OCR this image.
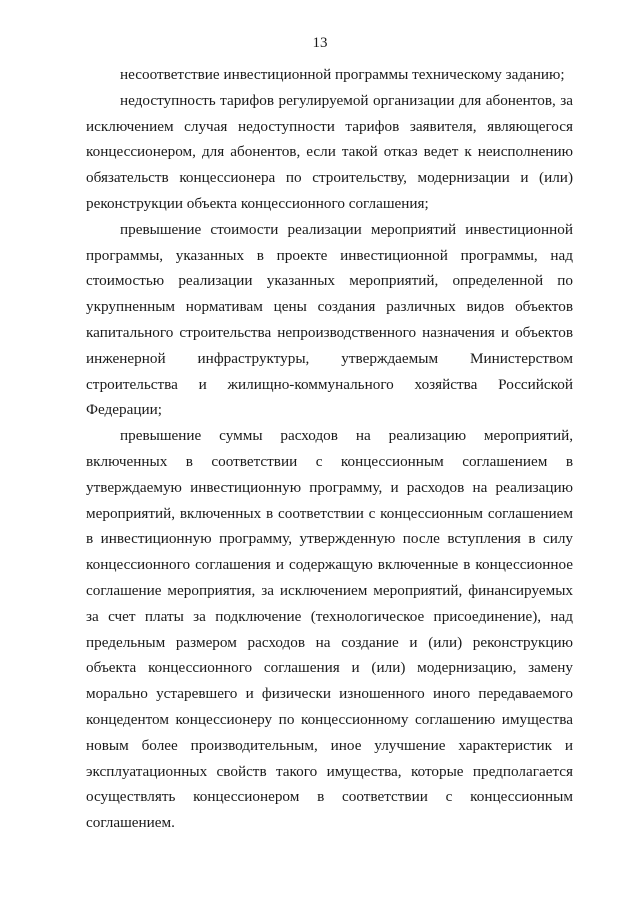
13

несоответствие инвестиционной программы техническому заданию;

недоступность тарифов регулируемой организации для абонентов, за исключением случая недоступности тарифов заявителя, являющегося концессионером, для абонентов, если такой отказ ведет к неисполнению обязательств концессионера по строительству, модернизации и (или) реконструкции объекта концессионного соглашения;

превышение стоимости реализации мероприятий инвестиционной программы, указанных в проекте инвестиционной программы, над стоимостью реализации указанных мероприятий, определенной по укрупненным нормативам цены создания различных видов объектов капитального строительства непроизводственного назначения и объектов инженерной инфраструктуры, утверждаемым Министерством строительства и жилищно-коммунального хозяйства Российской Федерации;

превышение суммы расходов на реализацию мероприятий, включенных в соответствии с концессионным соглашением в утверждаемую инвестиционную программу, и расходов на реализацию мероприятий, включенных в соответствии с концессионным соглашением в инвестиционную программу, утвержденную после вступления в силу концессионного соглашения и содержащую включенные в концессионное соглашение мероприятия, за исключением мероприятий, финансируемых за счет платы за подключение (технологическое присоединение), над предельным размером расходов на создание и (или) реконструкцию объекта концессионного соглашения и (или) модернизацию, замену морально устаревшего и физически изношенного иного передаваемого концедентом концессионеру по концессионному соглашению имущества новым более производительным, иное улучшение характеристик и эксплуатационных свойств такого имущества, которые предполагается осуществлять концессионером в соответствии с концессионным соглашением.
